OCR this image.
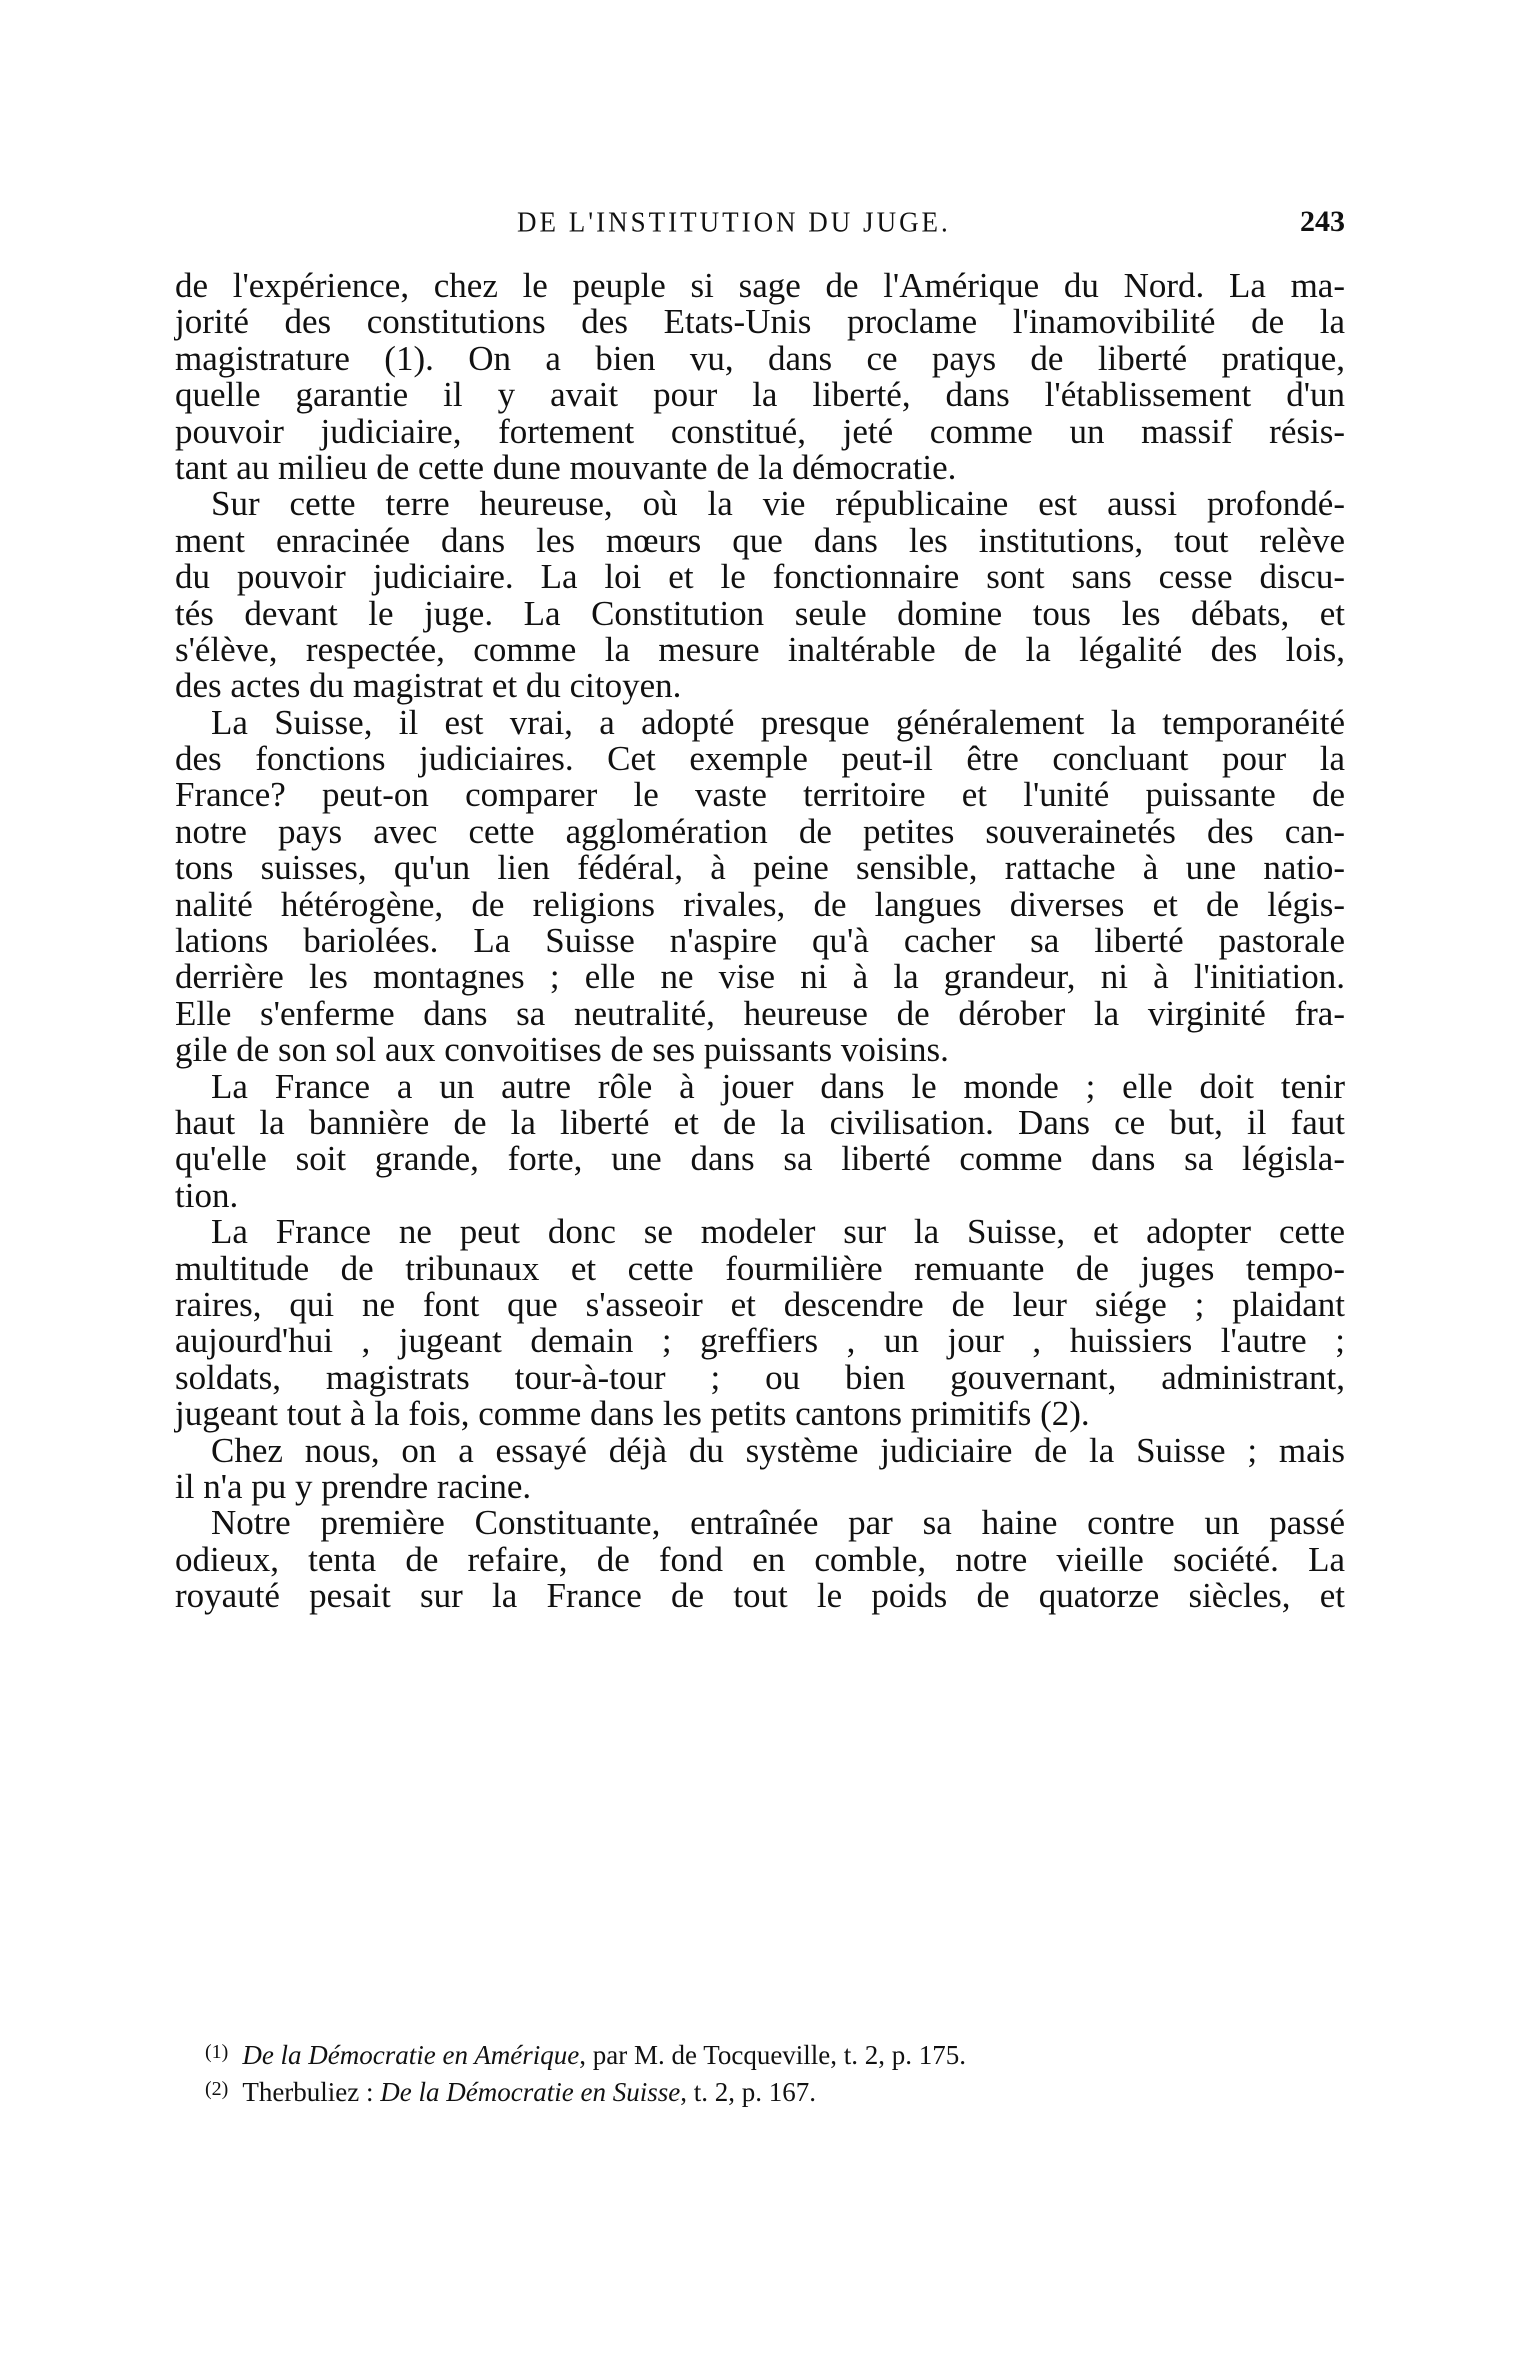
DE L'INSTITUTION DU JUGE.	243
de l'expérience, chez le peuple si sage de l'Amérique du Nord. La ma-
jorité des constitutions des Etats-Unis proclame l'inamovibilité de la
magistrature (1). On a bien vu, dans ce pays de liberté pratique,
quelle garantie il y avait pour la liberté, dans l'établissement d'un
pouvoir judiciaire, fortement constitué, jeté comme un massif résis-
tant au milieu de cette dune mouvante de la démocratie.
Sur cette terre heureuse, où la vie républicaine est aussi profondé-
ment enracinée dans les mœurs que dans les institutions, tout relève
du pouvoir judiciaire. La loi et le fonctionnaire sont sans cesse discu-
tés devant le juge. La Constitution seule domine tous les débats, et
s'élève, respectée, comme la mesure inaltérable de la légalité des lois,
des actes du magistrat et du citoyen.
La Suisse, il est vrai, a adopté presque généralement la temporanéité
des fonctions judiciaires. Cet exemple peut-il être concluant pour la
France? peut-on comparer le vaste territoire et l'unité puissante de
notre pays avec cette agglomération de petites souverainetés des can-
tons suisses, qu'un lien fédéral, à peine sensible, rattache à une natio-
nalité hétérogène, de religions rivales, de langues diverses et de légis-
lations bariolées. La Suisse n'aspire qu'à cacher sa liberté pastorale
derrière les montagnes ; elle ne vise ni à la grandeur, ni à l'initiation.
Elle s'enferme dans sa neutralité, heureuse de dérober la virginité fra-
gile de son sol aux convoitises de ses puissants voisins.
La France a un autre rôle à jouer dans le monde ; elle doit tenir
haut la bannière de la liberté et de la civilisation. Dans ce but, il faut
qu'elle soit grande, forte, une dans sa liberté comme dans sa législa-
tion.
La France ne peut donc se modeler sur la Suisse, et adopter cette
multitude de tribunaux et cette fourmilière remuante de juges tempo-
raires, qui ne font que s'asseoir et descendre de leur siége ; plaidant
aujourd'hui , jugeant demain ; greffiers , un jour , huissiers l'autre ;
soldats, magistrats tour-à-tour ; ou bien gouvernant, administrant,
jugeant tout à la fois, comme dans les petits cantons primitifs (2).
Chez nous, on a essayé déjà du système judiciaire de la Suisse ; mais
il n'a pu y prendre racine.
Notre première Constituante, entraînée par sa haine contre un passé
odieux, tenta de refaire, de fond en comble, notre vieille société. La
royauté pesait sur la France de tout le poids de quatorze siècles, et
$^{(1)}$ De la Démocratie en Amérique, par M. de Tocqueville, t. 2, p. 175.
$^{(2)}$ Therbuliez : De la Démocratie en Suisse, t. 2, p. 167.
